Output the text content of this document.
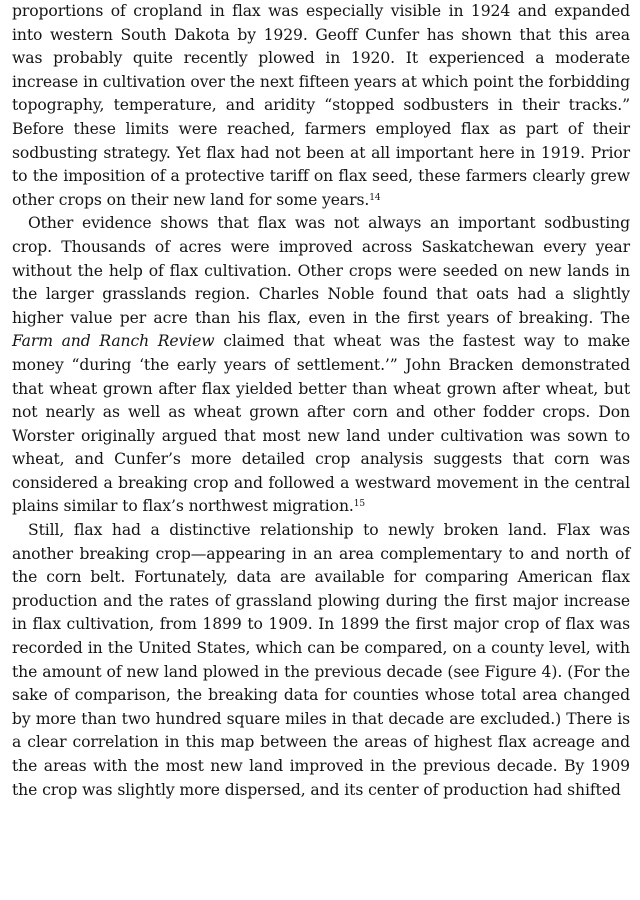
proportions of cropland in flax was especially visible in 1924 and expanded into western South Dakota by 1929. Geoff Cunfer has shown that this area was probably quite recently plowed in 1920. It experienced a moderate increase in cultivation over the next fifteen years at which point the forbidding topography, temperature, and aridity “stopped sodbusters in their tracks.” Before these limits were reached, farmers employed flax as part of their sodbusting strategy. Yet flax had not been at all important here in 1919. Prior to the imposition of a protective tariff on flax seed, these farmers clearly grew other crops on their new land for some years.$^{14}$

Other evidence shows that flax was not always an important sodbusting crop. Thousands of acres were improved across Saskatchewan every year without the help of flax cultivation. Other crops were seeded on new lands in the larger grasslands region. Charles Noble found that oats had a slightly higher value per acre than his flax, even in the first years of breaking. The Farm and Ranch Review claimed that wheat was the fastest way to make money “during ‘the early years of settlement.’” John Bracken demonstrated that wheat grown after flax yielded better than wheat grown after wheat, but not nearly as well as wheat grown after corn and other fodder crops. Don Worster originally argued that most new land under cultivation was sown to wheat, and Cunfer’s more detailed crop analysis suggests that corn was considered a breaking crop and followed a westward movement in the central plains similar to flax’s northwest migration.$^{15}$

Still, flax had a distinctive relationship to newly broken land. Flax was another breaking crop—appearing in an area complementary to and north of the corn belt. Fortunately, data are available for comparing American flax production and the rates of grassland plowing during the first major increase in flax cultivation, from 1899 to 1909. In 1899 the first major crop of flax was recorded in the United States, which can be compared, on a county level, with the amount of new land plowed in the previous decade (see Figure 4). (For the sake of comparison, the breaking data for counties whose total area changed by more than two hundred square miles in that decade are excluded.) There is a clear correlation in this map between the areas of highest flax acreage and the areas with the most new land improved in the previous decade. By 1909 the crop was slightly more dispersed, and its center of production had shifted
